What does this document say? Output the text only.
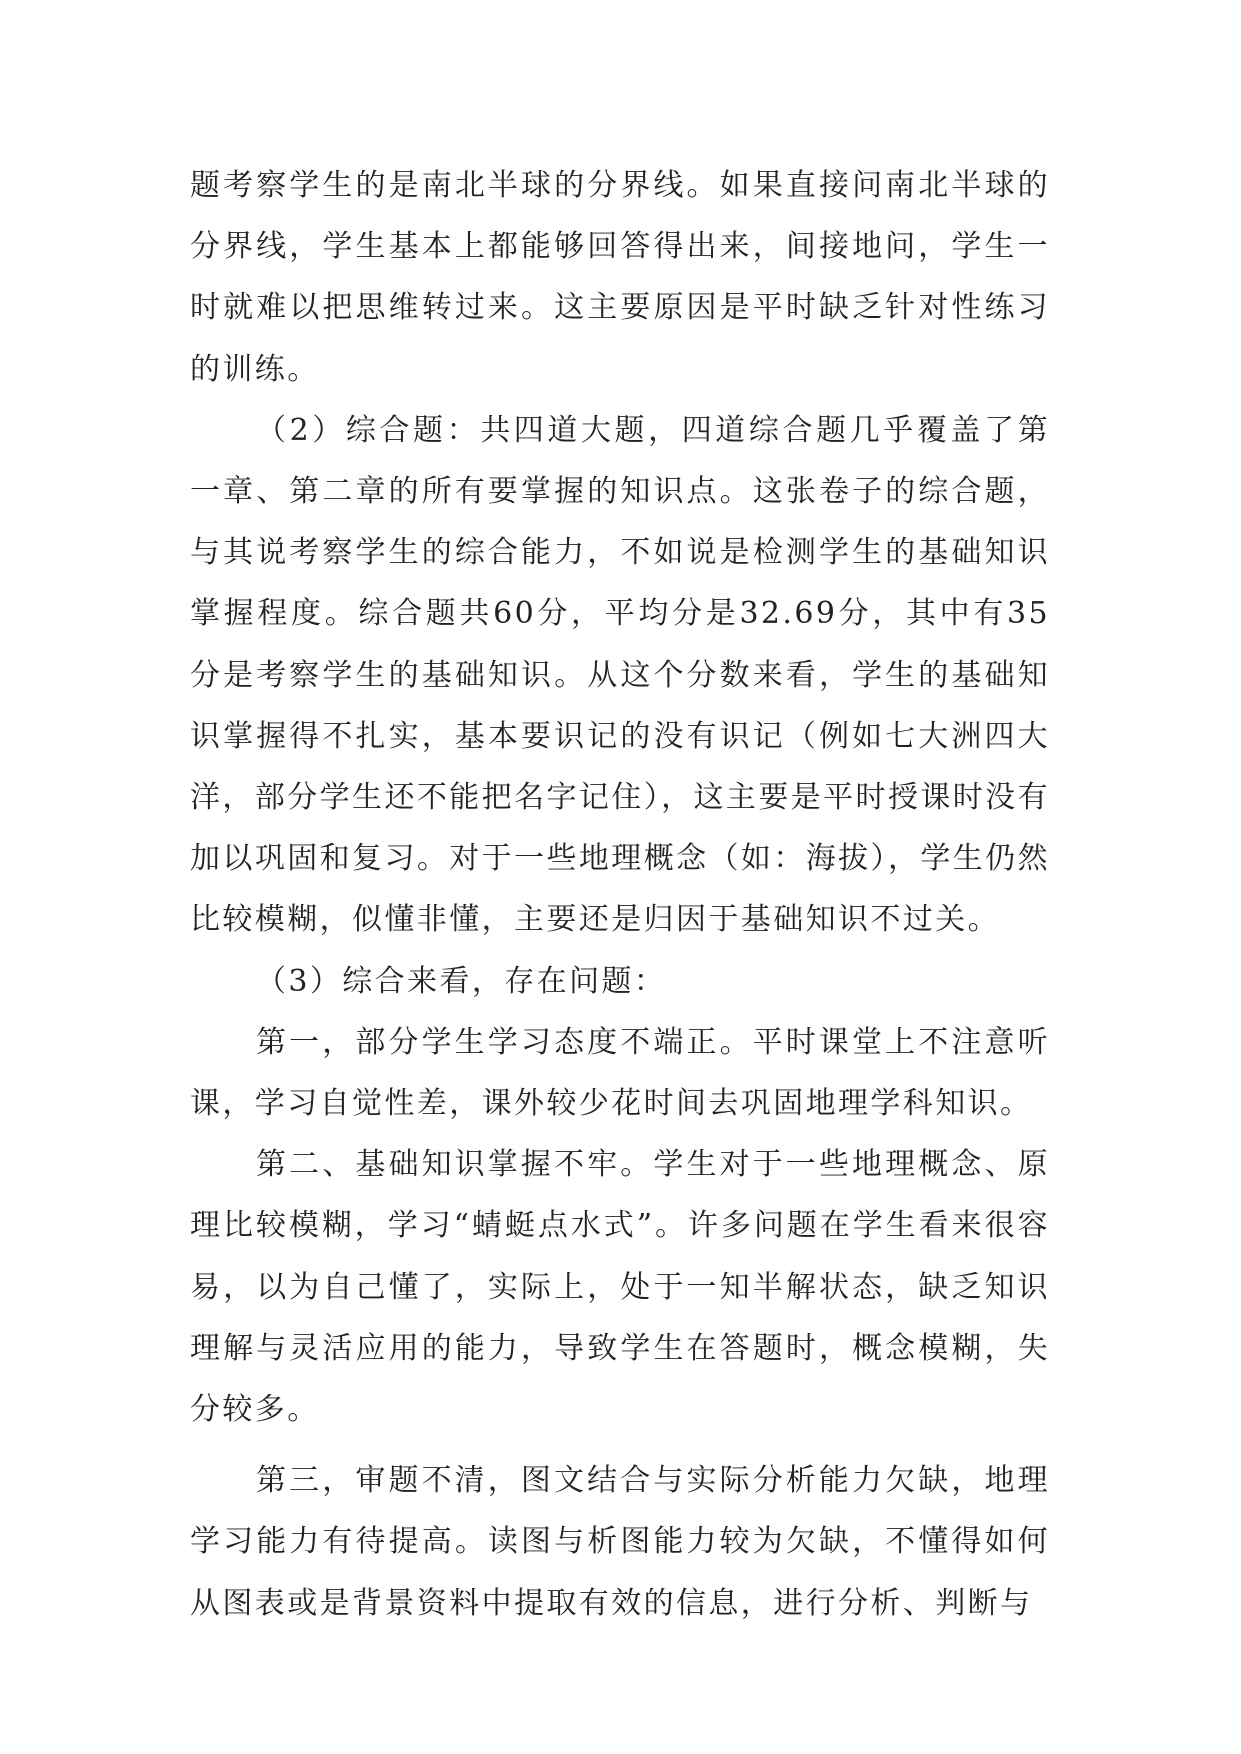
题考察学生的是南北半球的分界线。如果直接问南北半球的分界线，学生基本上都能够回答得出来，间接地问，学生一时就难以把思维转过来。这主要原因是平时缺乏针对性练习的训练。

（2）综合题：共四道大题，四道综合题几乎覆盖了第一章、第二章的所有要掌握的知识点。这张卷子的综合题，与其说考察学生的综合能力，不如说是检测学生的基础知识掌握程度。综合题共60分，平均分是32.69分，其中有35分是考察学生的基础知识。从这个分数来看，学生的基础知识掌握得不扎实，基本要识记的没有识记（例如七大洲四大洋，部分学生还不能把名字记住），这主要是平时授课时没有加以巩固和复习。对于一些地理概念（如：海拔），学生仍然比较模糊，似懂非懂，主要还是归因于基础知识不过关。

（3）综合来看，存在问题：

第一，部分学生学习态度不端正。平时课堂上不注意听课，学习自觉性差，课外较少花时间去巩固地理学科知识。

第二、基础知识掌握不牢。学生对于一些地理概念、原理比较模糊，学习“蜻蜓点水式”。许多问题在学生看来很容易，以为自己懂了，实际上，处于一知半解状态，缺乏知识理解与灵活应用的能力，导致学生在答题时，概念模糊，失分较多。

第三，审题不清，图文结合与实际分析能力欠缺，地理学习能力有待提高。读图与析图能力较为欠缺，不懂得如何从图表或是背景资料中提取有效的信息，进行分析、判断与
